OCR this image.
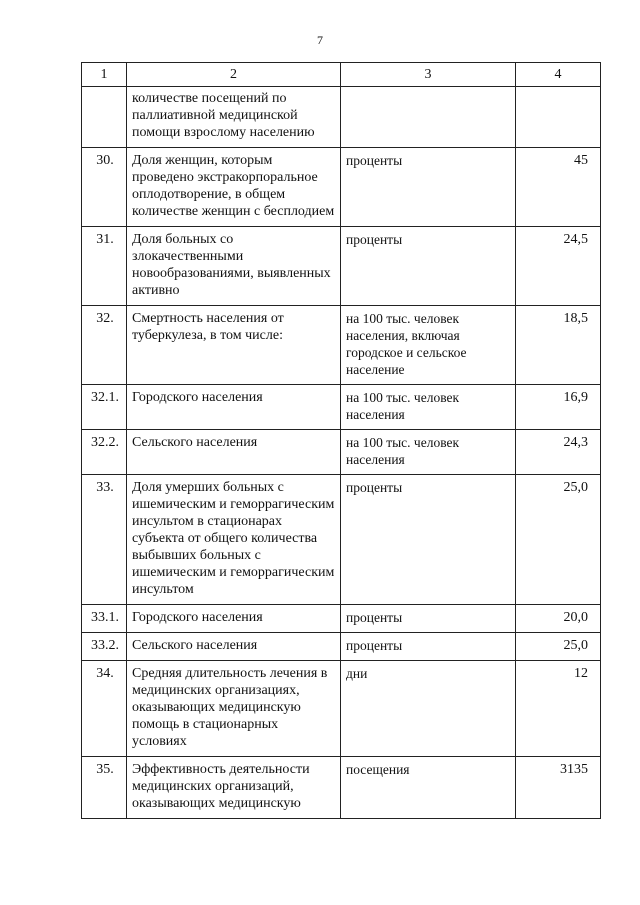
7
1	2	3	4
	количестве посещений по паллиативной медицинской помощи взрослому населению		
30.	Доля женщин, которым проведено экстракорпоральное оплодотворение, в общем количестве женщин с бесплодием	проценты	45
31.	Доля больных со злокачественными новообразованиями, выявленных активно	проценты	24,5
32.	Смертность населения от туберкулеза, в том числе:	на 100 тыс. человек населения, включая городское и сельское население	18,5
32.1.	Городского населения	на 100 тыс. человек населения	16,9
32.2.	Сельского населения	на 100 тыс. человек населения	24,3
33.	Доля умерших больных с ишемическим и геморрагическим инсультом в стационарах субъекта от общего количества выбывших больных с ишемическим и геморрагическим инсультом	проценты	25,0
33.1.	Городского населения	проценты	20,0
33.2.	Сельского населения	проценты	25,0
34.	Средняя длительность лечения в медицинских организациях, оказывающих медицинскую помощь в стационарных условиях	дни	12
35.	Эффективность деятельности медицинских организаций, оказывающих медицинскую	посещения	3135
